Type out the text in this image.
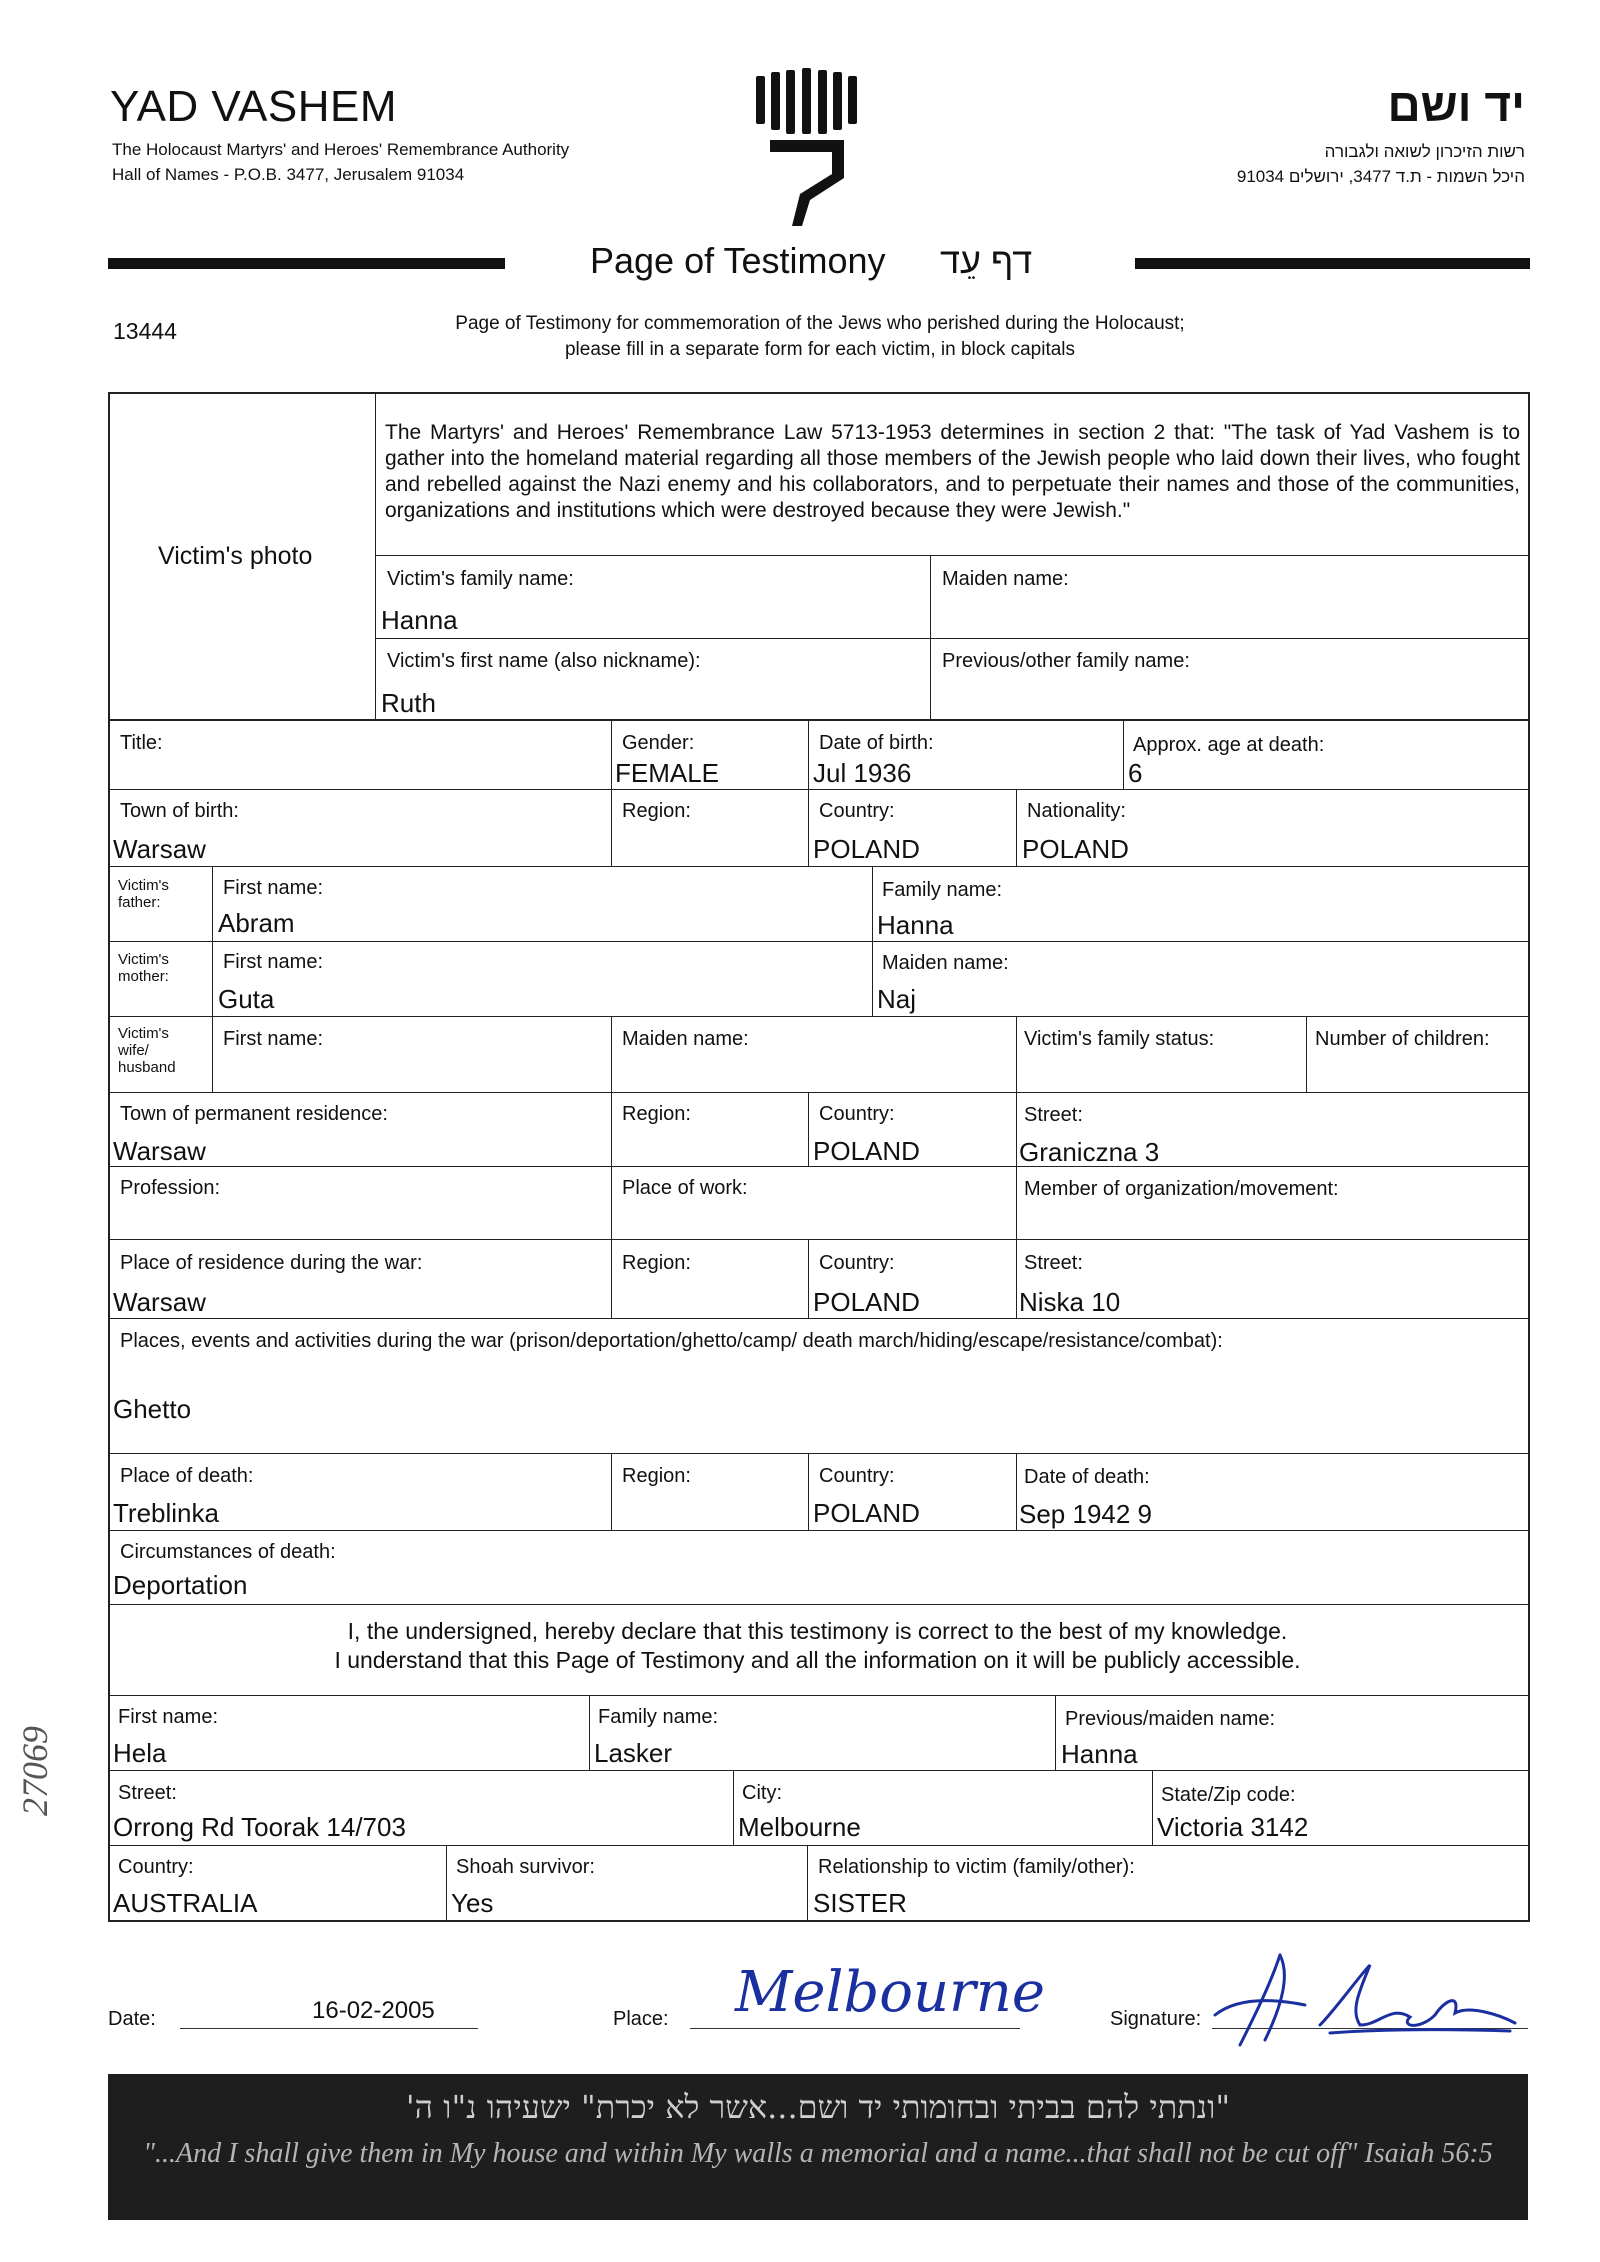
YAD VASHEM
The Holocaust Martyrs' and Heroes' Remembrance Authority
Hall of Names - P.O.B. 3477, Jerusalem 91034
יד ושם
רשות הזיכרון לשואה ולגבורה
היכל השמות - ת.ד 3477, ירושלים 91034
Page of Testimony דף עֵד
13444	Page of Testimony for commemoration of the Jews who perished during the Holocaust;
please fill in a separate form for each victim, in block capitals
Victim's photo
The Martyrs' and Heroes' Remembrance Law 5713-1953 determines in section 2 that: "The task of Yad Vashem is to gather into the homeland material regarding all those members of the Jewish people who laid down their lives, who fought and rebelled against the Nazi enemy and his collaborators, and to perpetuate their names and those of the communities, organizations and institutions which were destroyed because they were Jewish."
Victim's family name:
Hanna
Maiden name:
Victim's first name (also nickname):
Ruth
Previous/other family name:
Title:	Gender:
FEMALE
Date of birth:
Jul 1936
Approx. age at death:
6
Town of birth:
Warsaw
Region:	Country:
POLAND
Nationality:
POLAND
Victim's father:
First name:
Abram
Family name:
Hanna
Victim's mother:
First name:
Guta
Maiden name:
Naj
Victim's wife/ husband
First name:	Maiden name:	Victim's family status:	Number of children:
Town of permanent residence:
Warsaw
Region:	Country:
POLAND
Street:
Graniczna 3
Profession:	Place of work:	Member of organization/movement:
Place of residence during the war:
Warsaw
Region:	Country:
POLAND
Street:
Niska 10
Places, events and activities during the war (prison/deportation/ghetto/camp/ death march/hiding/escape/resistance/combat):
Ghetto
Place of death:
Treblinka
Region:	Country:
POLAND
Date of death:
Sep 1942 9
Circumstances of death:
Deportation
I, the undersigned, hereby declare that this testimony is correct to the best of my knowledge.
I understand that this Page of Testimony and all the information on it will be publicly accessible.
First name:
Hela
Family name:
Lasker
Previous/maiden name:
Hanna
Street:
Orrong Rd Toorak 14/703
City:
Melbourne
State/Zip code:
Victoria 3142
Country:
AUSTRALIA
Shoah survivor:
Yes
Relationship to victim (family/other):
SISTER
Date:	16-02-2005	Place: Melbourne	Signature:
"ונתתי להם בביתי ובחומותי יד ושם...אשר לא יכרת" ישעיהו נ"ו ה'
"...And I shall give them in My house and within My walls a memorial and a name...that shall not be cut off" Isaiah 56:5
27069
